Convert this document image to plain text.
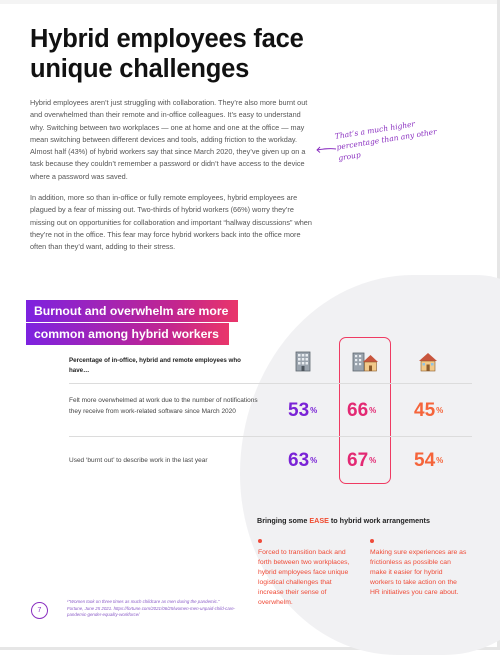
Hybrid employees face unique challenges

Hybrid employees aren’t just struggling with collaboration. They’re also more burnt out and overwhelmed than their remote and in-office colleagues. It’s easy to understand why. Switching between two workplaces — one at home and one at the office — may mean switching between different devices and tools, adding friction to the workday. Almost half (43%) of hybrid workers say that since March 2020, they’ve given up on a task because they couldn’t remember a password or didn’t have access to the device where a password was saved.

In addition, more so than in-office or fully remote employees, hybrid employees are plagued by a fear of missing out. Two-thirds of hybrid workers (66%) worry they’re missing out on opportunities for collaboration and important “hallway discussions” when they’re not in the office. This fear may force hybrid workers back into the office more often than they’d want, adding to their stress.

That’s a much higher percentage than any other group
Burnout and overwhelm are more
common among hybrid workers

Percentage of in-office, hybrid and remote employees who have…

Felt more overwhelmed at work due to the number of notifications they receive from work-related software since March 2020

Used ‘burnt out’ to describe work in the last year

53% 66% 45%
63% 67% 54%

Bringing some EASE to hybrid work arrangements

Forced to transition back and forth between two workplaces, hybrid employees face unique logistical challenges that increase their sense of overwhelm.

Making sure experiences are as frictionless as possible can make it easier for hybrid workers to take action on the HR initiatives you care about.

7

¹“Women took on three times as much childcare as men during the pandemic.” Fortune, June 25 2021. https://fortune.com/2021/06/25/women-men-unpaid-child-care-pandemic-gender-equality-workforce/
